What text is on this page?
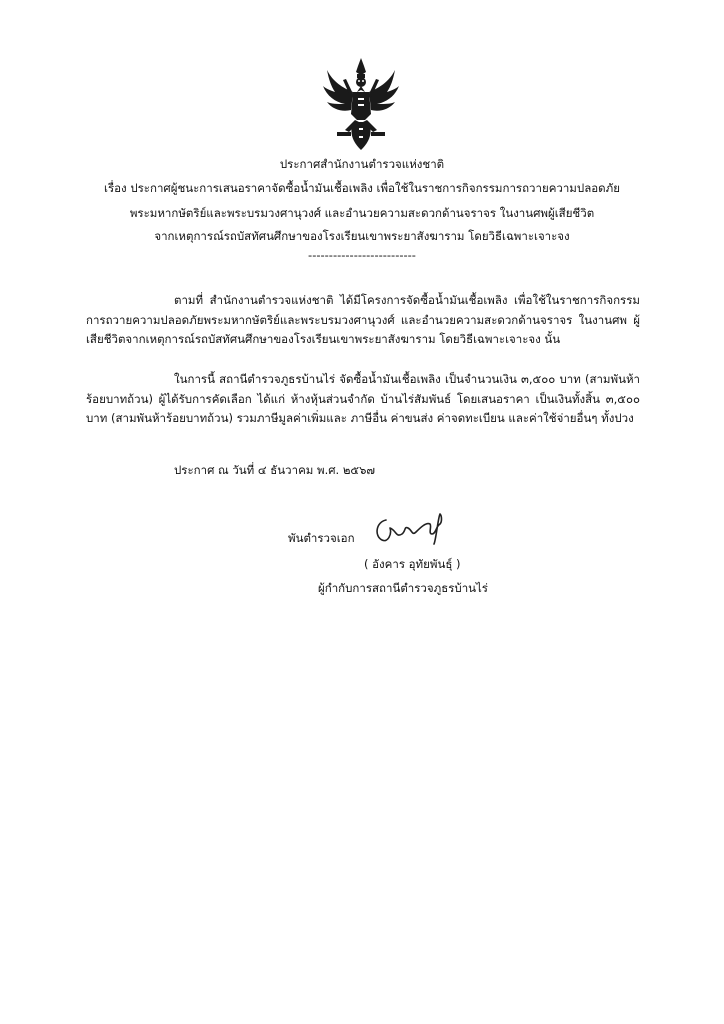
ประกาศสำนักงานตำรวจแห่งชาติ
เรื่อง ประกาศผู้ชนะการเสนอราคาจัดซื้อน้ำมันเชื้อเพลิง เพื่อใช้ในราชการกิจกรรมการถวายความปลอดภัย
พระมหากษัตริย์และพระบรมวงศานุวงศ์ และอำนวยความสะดวกด้านจราจร ในงานศพผู้เสียชีวิต
จากเหตุการณ์รถบัสทัศนศึกษาของโรงเรียนเขาพระยาสังฆาราม โดยวิธีเฉพาะเจาะจง
--------------------------

ตามที่ สำนักงานตำรวจแห่งชาติ ได้มีโครงการจัดซื้อน้ำมันเชื้อเพลิง เพื่อใช้ในราชการกิจกรรม การถวายความปลอดภัยพระมหากษัตริย์และพระบรมวงศานุวงศ์ และอำนวยความสะดวกด้านจราจร ในงานศพ ผู้เสียชีวิตจากเหตุการณ์รถบัสทัศนศึกษาของโรงเรียนเขาพระยาสังฆาราม โดยวิธีเฉพาะเจาะจง นั้น

ในการนี้ สถานีตำรวจภูธรบ้านไร่ จัดซื้อน้ำมันเชื้อเพลิง เป็นจำนวนเงิน ๓,๕๐๐ บาท (สามพันห้าร้อยบาทถ้วน) ผู้ได้รับการคัดเลือก ได้แก่ ห้างหุ้นส่วนจำกัด บ้านไร่สัมพันธ์ โดยเสนอราคา เป็นเงินทั้งสิ้น ๓,๕๐๐ บาท (สามพันห้าร้อยบาทถ้วน) รวมภาษีมูลค่าเพิ่มและ ภาษีอื่น ค่าขนส่ง ค่าจดทะเบียน และค่าใช้จ่ายอื่นๆ ทั้งปวง

ประกาศ ณ วันที่ ๔ ธันวาคม พ.ศ. ๒๕๖๗
พันตำรวจเอก
( อังคาร อุทัยพันธุ์ )
ผู้กำกับการสถานีตำรวจภูธรบ้านไร่
